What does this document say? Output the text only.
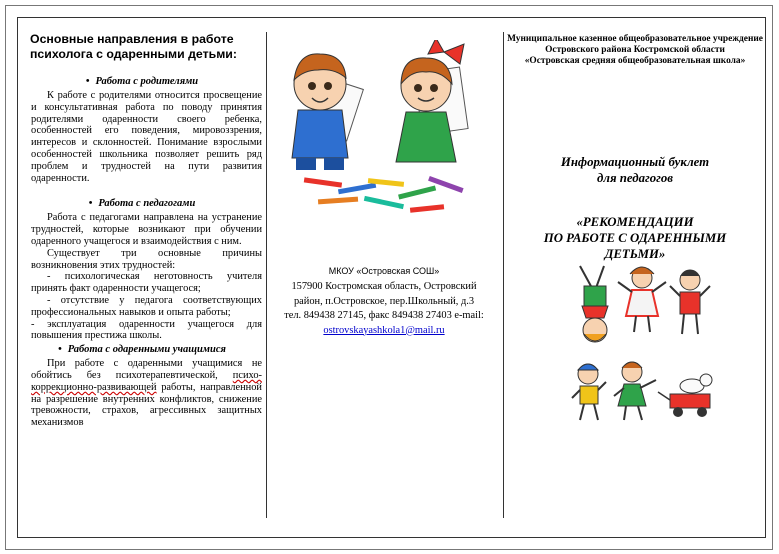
Основные направления в работе психолога с одаренными детьми:
• Работа с родителями

К работе с родителями относится просвещение и консультативная работа по поводу принятия родителями одаренности своего ребенка, особенностей его поведения, мировоззрения, интересов и склонностей. Понимание взрослыми особенностей школьника позволяет решить ряд проблем и трудностей на пути развития одаренности.

• Работа с педагогами

Работа с педагогами направлена на устранение трудностей, которые возникают при обучении одаренного учащегося и взаимодействия с ним.

Существует три основные причины возникновения этих трудностей:

- психологическая неготовность учителя принять факт одаренности учащегося;

- отсутствие у педагога соответствующих профессиональных навыков и опыта работы;

- эксплуатация одаренности учащегося для повышения престижа школы.

• Работа с одаренными учащимися

При работе с одаренными учащимися не обойтись без психотерапевтической, психо-коррекционно-развивающей работы, направленной на разрешение внутренних конфликтов, снижение тревожности, страхов, агрессивных защитных механизмов

МКОУ «Островская СОШ»
157900 Костромская область, Островский
район, п.Островское, пер.Школьный, д.3
тел. 849438 27145, факс 849438 27403 e-mail:
ostrovskayashkola1@mail.ru
Муниципальное казенное общеобразовательное учреждение
Островского района Костромской области
«Островская средняя общеобразовательная школа»
Информационный буклет
для педагогов
«РЕКОМЕНДАЦИИ
ПО РАБОТЕ С ОДАРЕННЫМИ
ДЕТЬМИ»
